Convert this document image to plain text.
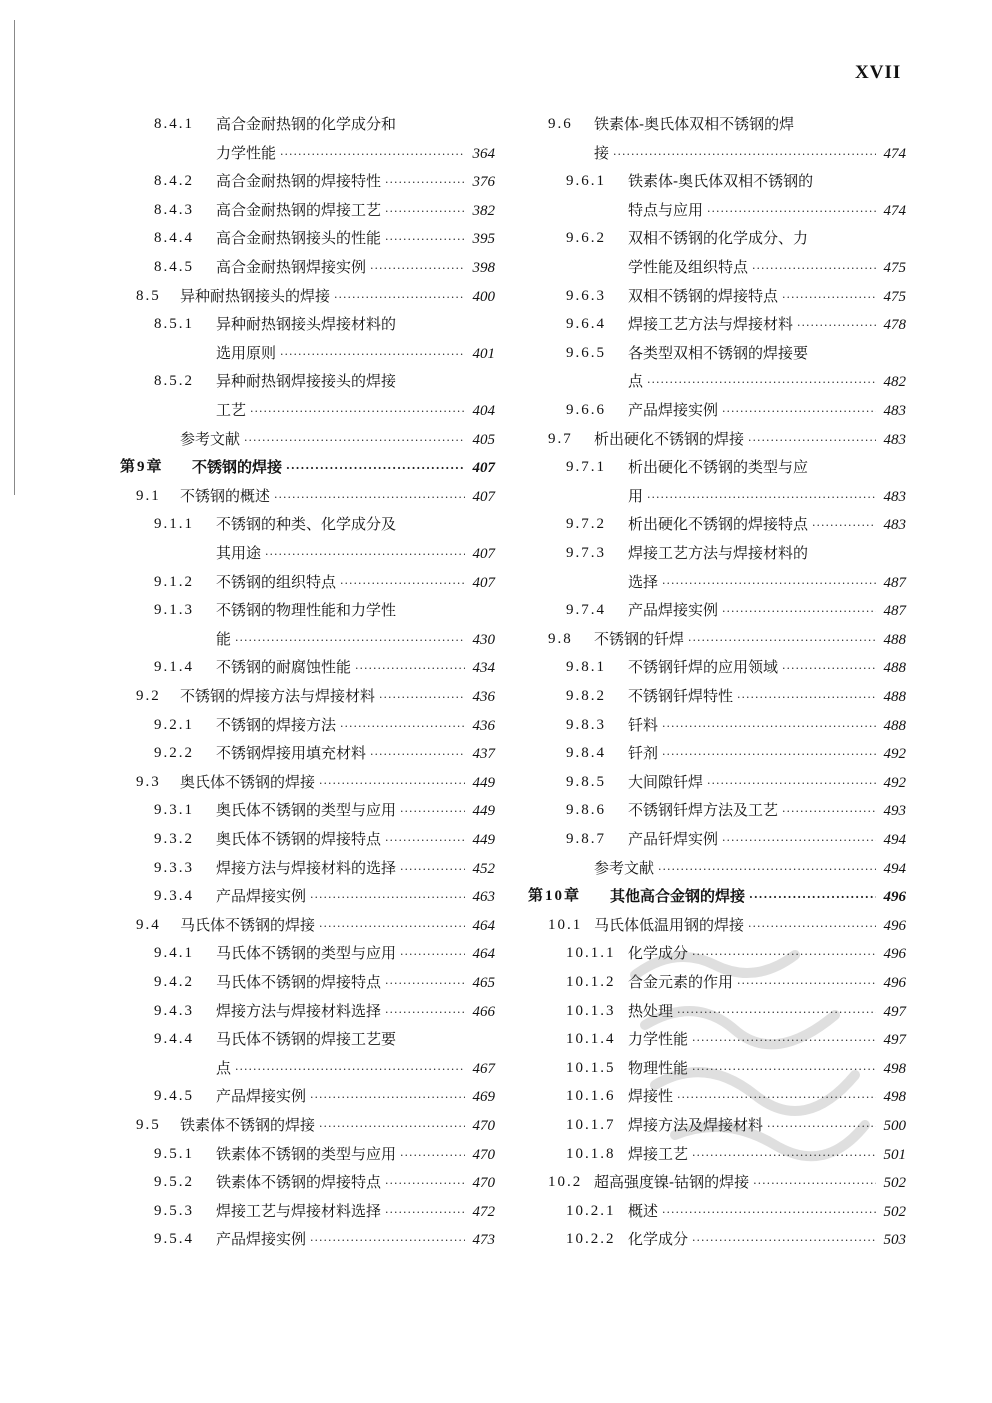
XVII
8.4.1 高合金耐热钢的化学成分和
力学性能 ·····	364
8.4.2 高合金耐热钢的焊接特性 ·····	376
8.4.3 高合金耐热钢的焊接工艺 ·····	382
8.4.4 高合金耐热钢接头的性能 ·····	395
8.4.5 高合金耐热钢焊接实例 ·····	398
8.5 异种耐热钢接头的焊接 ·····	400
8.5.1 异种耐热钢接头焊接材料的
选用原则 ·····	401
8.5.2 异种耐热钢焊接接头的焊接
工艺 ·····	404
参考文献 ·····	405
第9章 不锈钢的焊接 ·····	407
9.1 不锈钢的概述 ·····	407
9.1.1 不锈钢的种类、化学成分及
其用途 ·····	407
9.1.2 不锈钢的组织特点 ·····	407
9.1.3 不锈钢的物理性能和力学性
能 ·····	430
9.1.4 不锈钢的耐腐蚀性能 ·····	434
9.2 不锈钢的焊接方法与焊接材料 ·····	436
9.2.1 不锈钢的焊接方法 ·····	436
9.2.2 不锈钢焊接用填充材料 ·····	437
9.3 奥氏体不锈钢的焊接 ·····	449
9.3.1 奥氏体不锈钢的类型与应用 ·····	449
9.3.2 奥氏体不锈钢的焊接特点 ·····	449
9.3.3 焊接方法与焊接材料的选择 ·····	452
9.3.4 产品焊接实例 ·····	463
9.4 马氏体不锈钢的焊接 ·····	464
9.4.1 马氏体不锈钢的类型与应用 ·····	464
9.4.2 马氏体不锈钢的焊接特点 ·····	465
9.4.3 焊接方法与焊接材料选择 ·····	466
9.4.4 马氏体不锈钢的焊接工艺要
点 ·····	467
9.4.5 产品焊接实例 ·····	469
9.5 铁素体不锈钢的焊接 ·····	470
9.5.1 铁素体不锈钢的类型与应用 ·····	470
9.5.2 铁素体不锈钢的焊接特点 ·····	470
9.5.3 焊接工艺与焊接材料选择 ·····	472
9.5.4 产品焊接实例 ·····	473
9.6 铁素体-奥氏体双相不锈钢的焊
接 ·····	474
9.6.1 铁素体-奥氏体双相不锈钢的
特点与应用 ·····	474
9.6.2 双相不锈钢的化学成分、力
学性能及组织特点 ·····	475
9.6.3 双相不锈钢的焊接特点 ·····	475
9.6.4 焊接工艺方法与焊接材料 ·····	478
9.6.5 各类型双相不锈钢的焊接要
点 ·····	482
9.6.6 产品焊接实例 ·····	483
9.7 析出硬化不锈钢的焊接 ·····	483
9.7.1 析出硬化不锈钢的类型与应
用 ·····	483
9.7.2 析出硬化不锈钢的焊接特点 ·····	483
9.7.3 焊接工艺方法与焊接材料的
选择 ·····	487
9.7.4 产品焊接实例 ·····	487
9.8 不锈钢的钎焊 ·····	488
9.8.1 不锈钢钎焊的应用领域 ·····	488
9.8.2 不锈钢钎焊特性 ·····	488
9.8.3 钎料 ·····	488
9.8.4 钎剂 ·····	492
9.8.5 大间隙钎焊 ·····	492
9.8.6 不锈钢钎焊方法及工艺 ·····	493
9.8.7 产品钎焊实例 ·····	494
参考文献 ·····	494
第10章 其他高合金钢的焊接 ·····	496
10.1 马氏体低温用钢的焊接 ·····	496
10.1.1 化学成分 ·····	496
10.1.2 合金元素的作用 ·····	496
10.1.3 热处理 ·····	497
10.1.4 力学性能 ·····	497
10.1.5 物理性能 ·····	498
10.1.6 焊接性 ·····	498
10.1.7 焊接方法及焊接材料 ·····	500
10.1.8 焊接工艺 ·····	501
10.2 超高强度镍-钴钢的焊接 ·····	502
10.2.1 概述 ·····	502
10.2.2 化学成分 ·····	503
